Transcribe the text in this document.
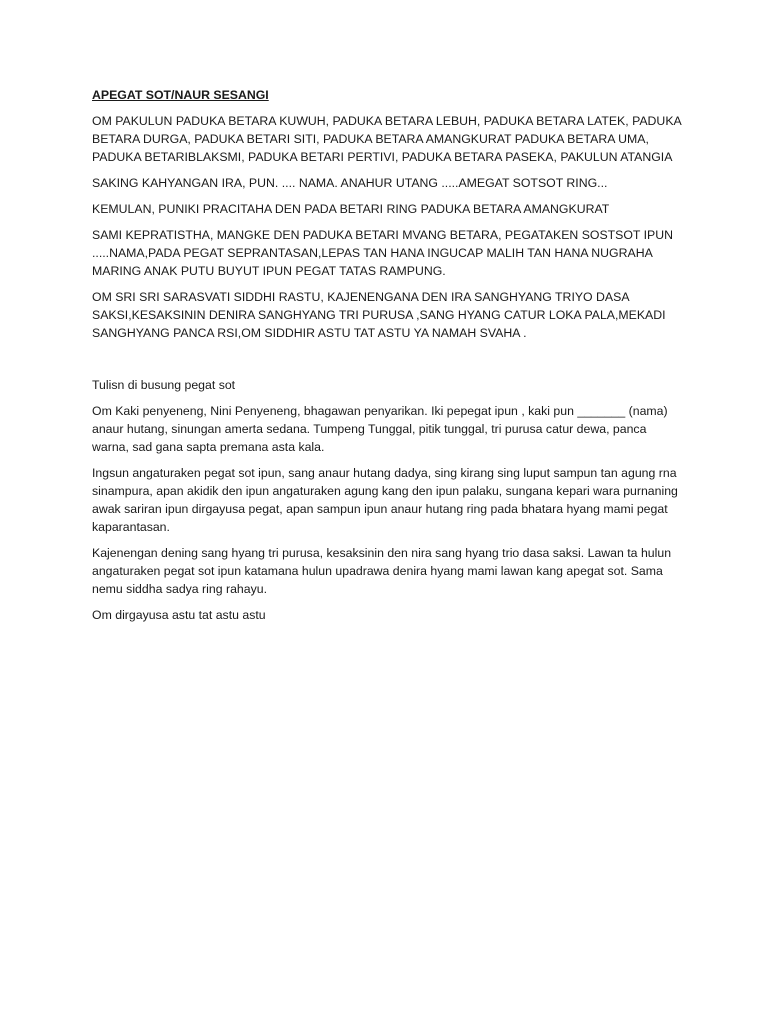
APEGAT SOT/NAUR SESANGI

OM PAKULUN PADUKA BETARA KUWUH, PADUKA BETARA LEBUH, PADUKA BETARA LATEK, PADUKA BETARA DURGA, PADUKA BETARI SITI, PADUKA BETARA AMANGKURAT PADUKA BETARA UMA, PADUKA BETARIBLAKSMI, PADUKA BETARI PERTIVI, PADUKA BETARA PASEKA, PAKULUN ATANGIA

SAKING KAHYANGAN IRA, PUN. .... NAMA. ANAHUR UTANG .....AMEGAT SOTSOT RING...

KEMULAN, PUNIKI PRACITAHA DEN PADA BETARI RING PADUKA BETARA AMANGKURAT

SAMI KEPRATISTHA, MANGKE DEN PADUKA BETARI MVANG BETARA, PEGATAKEN SOSTSOT IPUN .....NAMA,PADA PEGAT SEPRANTASAN,LEPAS TAN HANA INGUCAP MALIH TAN HANA NUGRAHA MARING ANAK PUTU BUYUT IPUN PEGAT TATAS RAMPUNG.

OM SRI SRI SARASVATI SIDDHI RASTU, KAJENENGANA DEN IRA SANGHYANG TRIYO DASA SAKSI,KESAKSININ DENIRA SANGHYANG TRI PURUSA ,SANG HYANG CATUR LOKA PALA,MEKADI SANGHYANG PANCA RSI,OM SIDDHIR ASTU TAT ASTU YA NAMAH SVAHA .

Tulisn di busung pegat sot

Om Kaki penyeneng, Nini Penyeneng, bhagawan penyarikan. Iki pepegat ipun , kaki pun _______ (nama) anaur hutang, sinungan amerta sedana. Tumpeng Tunggal, pitik tunggal, tri purusa catur dewa, panca warna, sad gana sapta premana asta kala.

Ingsun angaturaken pegat sot ipun, sang anaur hutang dadya, sing kirang sing luput sampun tan agung rna sinampura, apan akidik den ipun angaturaken agung kang den ipun palaku, sungana kepari wara purnaning awak sariran ipun dirgayusa pegat, apan sampun ipun anaur hutang ring pada bhatara hyang mami pegat kaparantasan.

Kajenengan dening sang hyang tri purusa, kesaksinin den nira sang hyang trio dasa saksi. Lawan ta hulun angaturaken pegat sot ipun katamana hulun upadrawa denira hyang mami lawan kang apegat sot. Sama nemu siddha sadya ring rahayu.

Om dirgayusa astu tat astu astu
